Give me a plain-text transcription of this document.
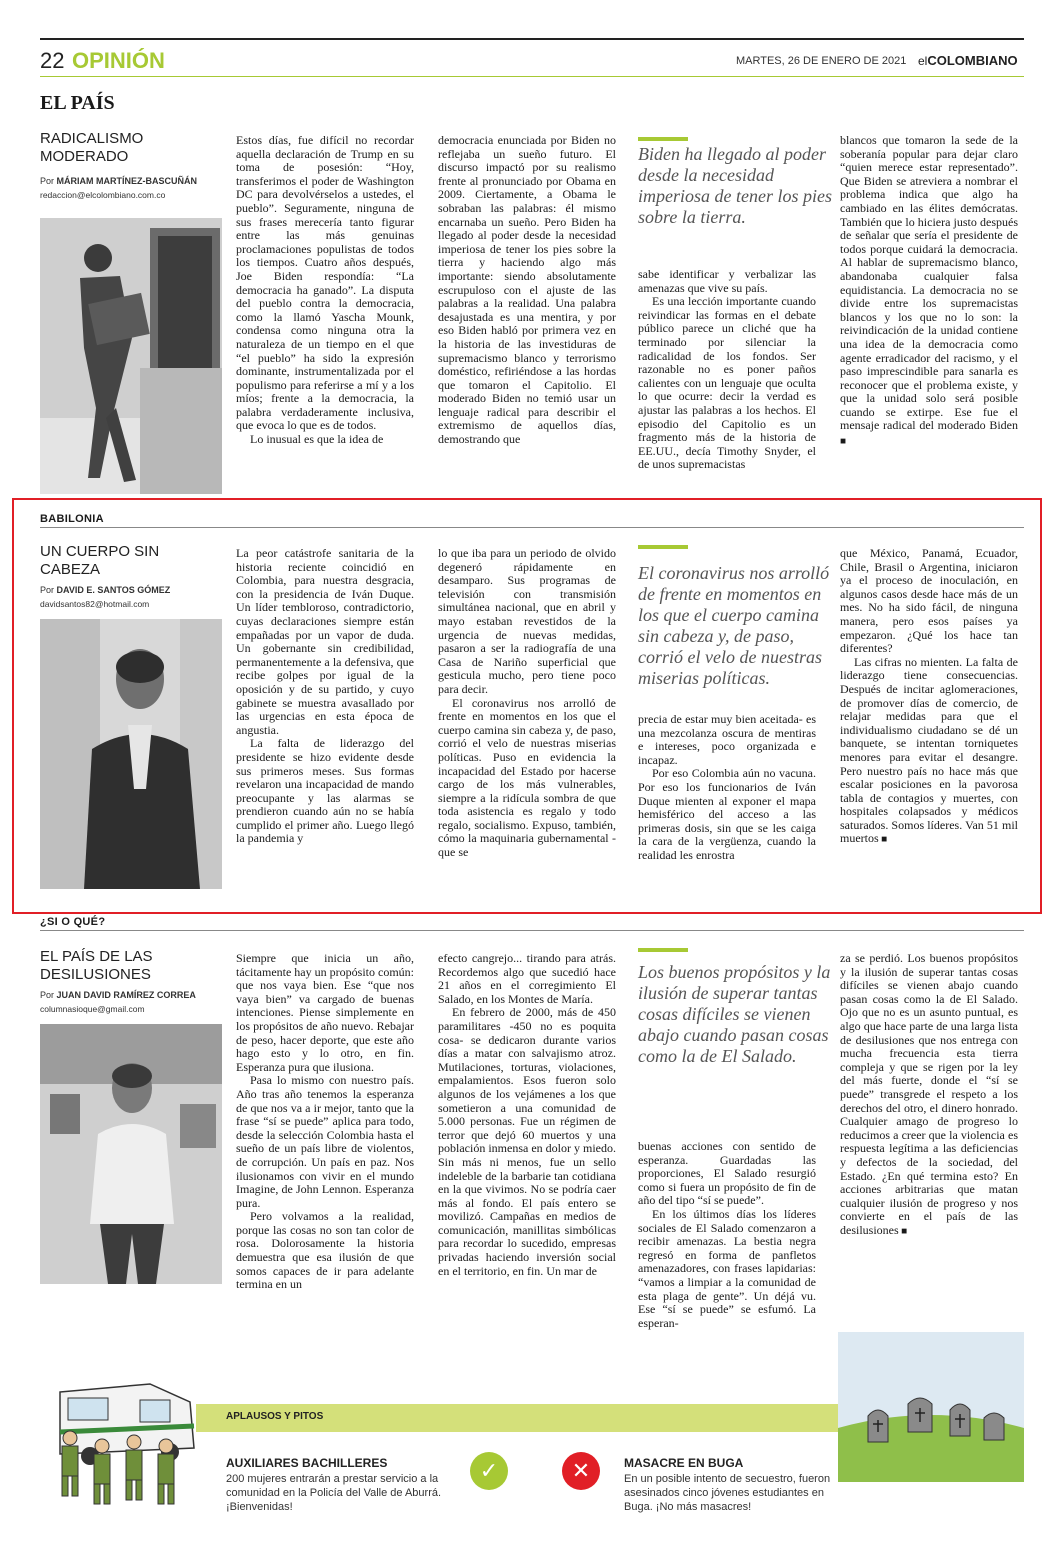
22 OPINIÓN	MARTES, 26 DE ENERO DE 2021 elCOLOMBIANO
EL PAÍS
RADICALISMO MODERADO
Por MÁRIAM MARTÍNEZ-BASCUÑÁN
redaccion@elcolombiano.com.co

Estos días, fue difícil no recordar aquella declaración de Trump en su toma de posesión: “Hoy, transferimos el poder de Washington DC para devolvérselos a ustedes, el pueblo”. Seguramente, ninguna de sus frases merecería tanto figurar entre las más genuinas proclamaciones populistas de todos los tiempos. Cuatro años después, Joe Biden respondía: “La democracia ha ganado”. La disputa del pueblo contra la democracia, como la llamó Yascha Mounk, condensa como ninguna otra la naturaleza de un tiempo en el que “el pueblo” ha sido la expresión dominante, instrumentalizada por el populismo para referirse a mí y a los míos; frente a la democracia, la palabra verdaderamente inclusiva, que evoca lo que es de todos.

Lo inusual es que la idea de

democracia enunciada por Biden no reflejaba un sueño futuro. El discurso impactó por su realismo frente al pronunciado por Obama en 2009. Ciertamente, a Obama le sobraban las palabras: él mismo encarnaba un sueño. Pero Biden ha llegado al poder desde la necesidad imperiosa de tener los pies sobre la tierra y haciendo algo más importante: siendo absolutamente escrupuloso con el ajuste de las palabras a la realidad. Una palabra desajustada es una mentira, y por eso Biden habló por primera vez en la historia de las investiduras de supremacismo blanco y terrorismo doméstico, refiriéndose a las hordas que tomaron el Capitolio. El moderado Biden no temió usar un lenguaje radical para describir el extremismo de aquellos días, demostrando que

Biden ha llegado al poder desde la necesidad imperiosa de tener los pies sobre la tierra.

sabe identificar y verbalizar las amenazas que vive su país.

Es una lección importante cuando reivindicar las formas en el debate público parece un cliché que ha terminado por silenciar la radicalidad de los fondos. Ser razonable no es poner paños calientes con un lenguaje que oculta lo que ocurre: decir la verdad es ajustar las palabras a los hechos. El episodio del Capitolio es un fragmento más de la historia de EE.UU., decía Timothy Snyder, el de unos supremacistas

blancos que tomaron la sede de la soberanía popular para dejar claro “quien merece estar representado”. Que Biden se atreviera a nombrar el problema indica que algo ha cambiado en las élites demócratas. También que lo hiciera justo después de señalar que sería el presidente de todos porque cuidará la democracia. Al hablar de supremacismo blanco, abandonaba cualquier falsa equidistancia. La democracia no se divide entre los supremacistas blancos y los que no lo son: la reivindicación de la unidad contiene una idea de la democracia como agente erradicador del racismo, y el paso imprescindible para sanarla es reconocer que el problema existe, y que la unidad solo será posible cuando se extirpe. Ese fue el mensaje radical del moderado Biden ■

BABILONIA
UN CUERPO SIN CABEZA
Por DAVID E. SANTOS GÓMEZ
davidsantos82@hotmail.com

La peor catástrofe sanitaria de la historia reciente coincidió en Colombia, para nuestra desgracia, con la presidencia de Iván Duque. Un líder tembloroso, contradictorio, cuyas declaraciones siempre están empañadas por un vapor de duda. Un gobernante sin credibilidad, permanentemente a la defensiva, que recibe golpes por igual de la oposición y de su partido, y cuyo gabinete se muestra avasallado por las urgencias en esta época de angustia.

La falta de liderazgo del presidente se hizo evidente desde sus primeros meses. Sus formas revelaron una incapacidad de mando preocupante y las alarmas se prendieron cuando aún no se había cumplido el primer año. Luego llegó la pandemia y

lo que iba para un periodo de olvido degeneró rápidamente en desamparo. Sus programas de televisión con transmisión simultánea nacional, que en abril y mayo estaban revestidos de la urgencia de nuevas medidas, pasaron a ser la radiografía de una Casa de Nariño superficial que gesticula mucho, pero tiene poco para decir.

El coronavirus nos arrolló de frente en momentos en los que el cuerpo camina sin cabeza y, de paso, corrió el velo de nuestras miserias políticas. Puso en evidencia la incapacidad del Estado por hacerse cargo de los más vulnerables, siempre a la ridícula sombra de que toda asistencia es regalo y todo regalo, socialismo. Expuso, también, cómo la maquinaria gubernamental -que se

El coronavirus nos arrolló de frente en momentos en los que el cuerpo camina sin cabeza y, de paso, corrió el velo de nuestras miserias políticas.

precia de estar muy bien aceitada- es una mezcolanza oscura de mentiras e intereses, poco organizada e incapaz.

Por eso Colombia aún no vacuna. Por eso los funcionarios de Iván Duque mienten al exponer el mapa hemisférico del acceso a las primeras dosis, sin que se les caiga la cara de la vergüenza, cuando la realidad les enrostra

que México, Panamá, Ecuador, Chile, Brasil o Argentina, iniciaron ya el proceso de inoculación, en algunos casos desde hace más de un mes. No ha sido fácil, de ninguna manera, pero esos países ya empezaron. ¿Qué los hace tan diferentes?

Las cifras no mienten. La falta de liderazgo tiene consecuencias. Después de incitar aglomeraciones, de promover días de comercio, de relajar medidas para que el individualismo ciudadano se dé un banquete, se intentan torniquetes menores para evitar el desangre. Pero nuestro país no hace más que escalar posiciones en la pavorosa tabla de contagios y muertes, con hospitales colapsados y médicos saturados. Somos líderes. Van 51 mil muertos ■

¿SI O QUÉ?
EL PAÍS DE LAS DESILUSIONES
Por JUAN DAVID RAMÍREZ CORREA
columnasioque@gmail.com

Siempre que inicia un año, tácitamente hay un propósito común: que nos vaya bien. Ese “que nos vaya bien” va cargado de buenas intenciones. Piense simplemente en los propósitos de año nuevo. Rebajar de peso, hacer deporte, que este año hago esto y lo otro, en fin. Esperanza pura que ilusiona.

Pasa lo mismo con nuestro país. Año tras año tenemos la esperanza de que nos va a ir mejor, tanto que la frase “sí se puede” aplica para todo, desde la selección Colombia hasta el sueño de un país libre de violentos, de corrupción. Un país en paz. Nos ilusionamos con vivir en el mundo Imagine, de John Lennon. Esperanza pura.

Pero volvamos a la realidad, porque las cosas no son tan color de rosa. Dolorosamente la historia demuestra que esa ilusión de que somos capaces de ir para adelante termina en un

efecto cangrejo... tirando para atrás. Recordemos algo que sucedió hace 21 años en el corregimiento El Salado, en los Montes de María.

En febrero de 2000, más de 450 paramilitares -450 no es poquita cosa- se dedicaron durante varios días a matar con salvajismo atroz. Mutilaciones, torturas, violaciones, empalamientos. Esos fueron solo algunos de los vejámenes a los que sometieron a una comunidad de 5.000 personas. Fue un régimen de terror que dejó 60 muertos y una población inmensa en dolor y miedo. Sin más ni menos, fue un sello indeleble de la barbarie tan cotidiana en la que vivimos. No se podría caer más al fondo. El país entero se movilizó. Campañas en medios de comunicación, manillitas simbólicas para recordar lo sucedido, empresas privadas haciendo inversión social en el territorio, en fin. Un mar de

Los buenos propósitos y la ilusión de superar tantas cosas difíciles se vienen abajo cuando pasan cosas como la de El Salado.

buenas acciones con sentido de esperanza. Guardadas las proporciones, El Salado resurgió como si fuera un propósito de fin de año del tipo “sí se puede”.

En los últimos días los líderes sociales de El Salado comenzaron a recibir amenazas. La bestia negra regresó en forma de panfletos amenazadores, con frases lapidarias: “vamos a limpiar a la comunidad de esta plaga de gente”. Un déjá vu. Ese “sí se puede” se esfumó. La esperan-

za se perdió. Los buenos propósitos y la ilusión de superar tantas cosas difíciles se vienen abajo cuando pasan cosas como la de El Salado. Ojo que no es un asunto puntual, es algo que hace parte de una larga lista de desilusiones que nos entrega con mucha frecuencia esta tierra compleja y que se rigen por la ley del más fuerte, donde el “sí se puede” transgrede el respeto a los derechos del otro, el dinero honrado. Cualquier amago de progreso lo reducimos a creer que la violencia es respuesta legítima a las deficiencias y defectos de la sociedad, del Estado. ¿En qué termina esto? En acciones arbitrarias que matan cualquier ilusión de progreso y nos convierte en el país de las desilusiones ■

APLAUSOS Y PITOS
AUXILIARES BACHILLERES
200 mujeres entrarán a prestar servicio a la comunidad en la Policía del Valle de Aburrá. ¡Bienvenidas!
✓	✕	MASACRE EN BUGA
En un posible intento de secuestro, fueron asesinados cinco jóvenes estudiantes en Buga. ¡No más masacres!
